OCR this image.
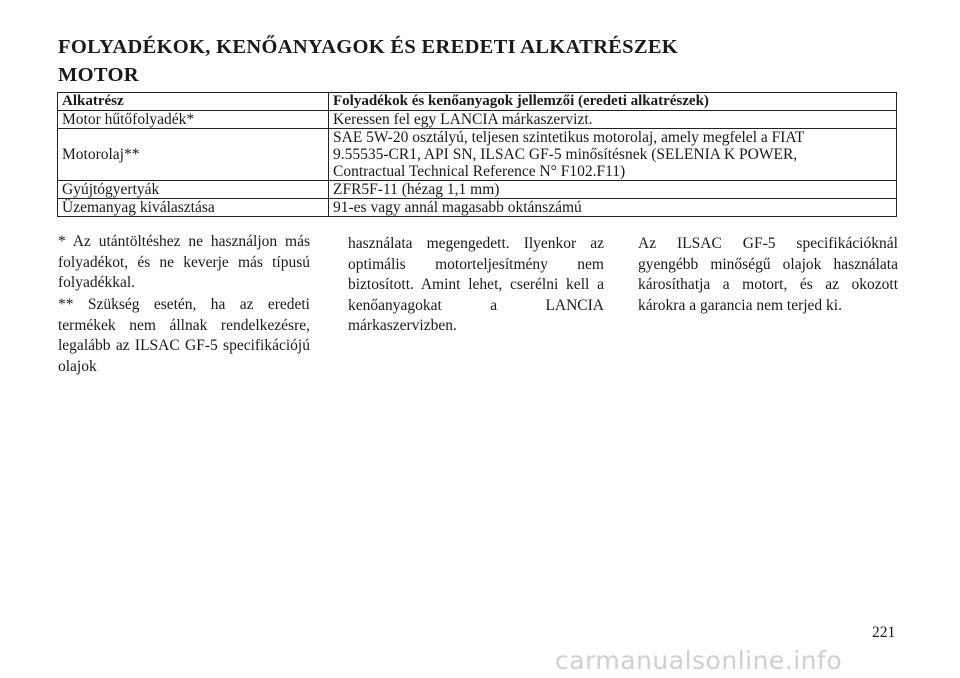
FOLYADÉKOK, KENŐANYAGOK ÉS EREDETI ALKATRÉSZEK
MOTOR
Alkatrész	Folyadékok és kenőanyagok jellemzői (eredeti alkatrészek)
Motor hűtőfolyadék*	Keressen fel egy LANCIA márkaszervizt.
Motorolaj**	SAE 5W-20 osztályú, teljesen szintetikus motorolaj, amely megfelel a FIAT
9.55535-CR1, API SN, ILSAC GF-5 minősítésnek (SELENIA K POWER,
Contractual Technical Reference N° F102.F11)

Gyújtógyertyák	ZFR5F-11 (hézag 1,1 mm)
Üzemanyag kiválasztása	91-es vagy annál magasabb oktánszámú

* Az utántöltéshez ne használjon más folyadékot, és ne keverje más típusú folyadékkal.

** Szükség esetén, ha az eredeti termékek nem állnak rendelkezésre, legalább az ILSAC GF-5 specifikációjú olajok

használata megengedett. Ilyenkor az optimális motorteljesítmény nem biztosított. Amint lehet, cserélni kell a kenőanyagokat a LANCIA márkaszervizben.

Az ILSAC GF-5 specifikációknál gyengébb minőségű olajok használata károsíthatja a motort, és az okozott károkra a garancia nem terjed ki.

221
carmanualsonline.info
